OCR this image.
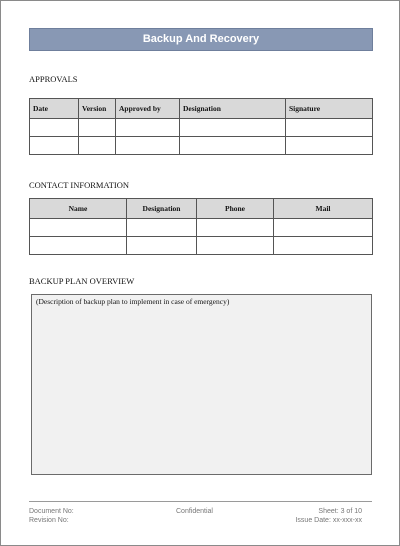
Backup And Recovery
APPROVALS
Date	Version	Approved by	Designation	Signature

CONTACT INFORMATION
Name	Designation	Phone	Mail

BACKUP PLAN OVERVIEW
(Description of backup plan to implement in case of emergency)
Document No:
Revision No:
Confidential	Sheet: 3 of 10
Issue Date: xx-xxx-xx
